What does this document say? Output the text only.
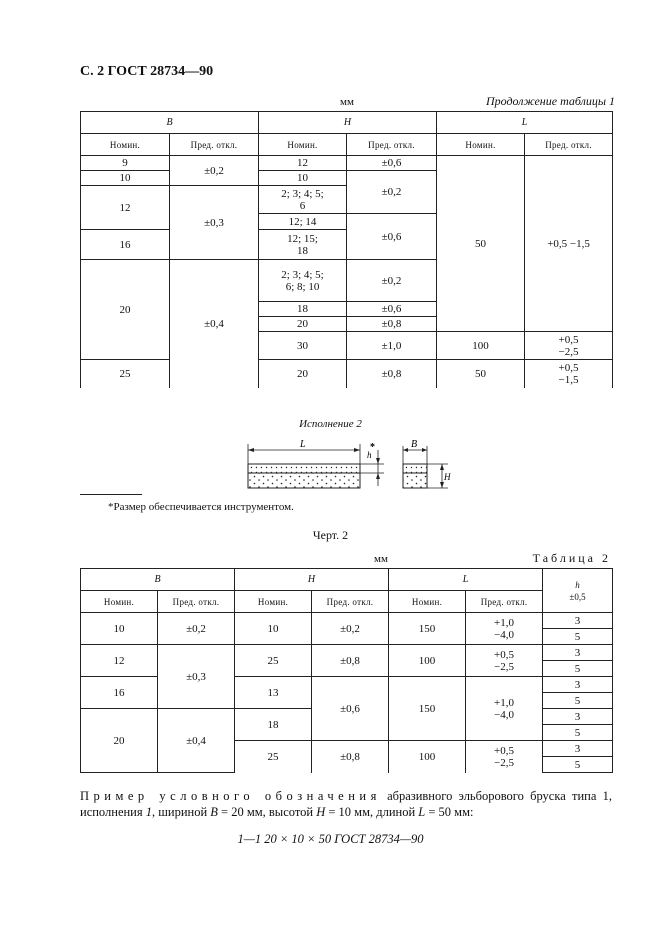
С. 2 ГОСТ 28734—90
мм	Продолжение таблицы 1
B		H		L	
Номин.	Пред. откл.	Номин.	Пред. откл.	Номин.	Пред. откл.
9	±0,2	12	±0,6	50	+0,5 −1,5
10		10	±0,2		
12	±0,3	2; 3; 4; 5; 6			
		12; 14	±0,6		
16		12; 15; 18			
20	±0,4	2; 3; 4; 5; 6; 8; 10	±0,2		
		18	±0,6		
		20	±0,8		
		30	±1,0	100	+0,5 −2,5
25		20	±0,8	50	+0,5 −1,5
Исполнение 2
L
h
*	B
H
*Размер обеспечивается инструментом.
Черт. 2
мм	Таблица 2
B		H		L		h
±0,5

Номин.	Пред. откл.	Номин.	Пред. откл.	Номин.	Пред. откл.	
10	±0,2	10	±0,2	150	+1,0 −4,0	3
						5
12	±0,3	25	±0,8	100	+0,5 −2,5	3
						5
16		13	±0,6	150	+1,0 −4,0	3
						5
20	±0,4	18				3
						5
		25	±0,8	100	+0,5 −2,5	3
						5
Пример условного обозначения абразивного эльборового бруска типа 1, исполнения 1, шириной B = 20 мм, высотой H = 10 мм, длиной L = 50 мм:
1—1 20 × 10 × 50 ГОСТ 28734—90
